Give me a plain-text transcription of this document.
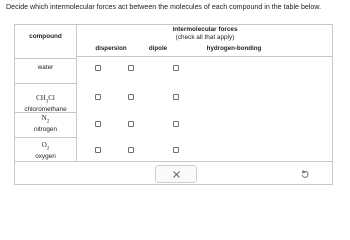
Decide which intermolecular forces act between the molecules of each compound in the table below.
compound
intermolecular forces
(check all that apply)
dispersion	dipole	hydrogen-bonding
water
$CH_3Cl$
chloromethane
$N_2$
nitrogen
$O_2$
oxygen
